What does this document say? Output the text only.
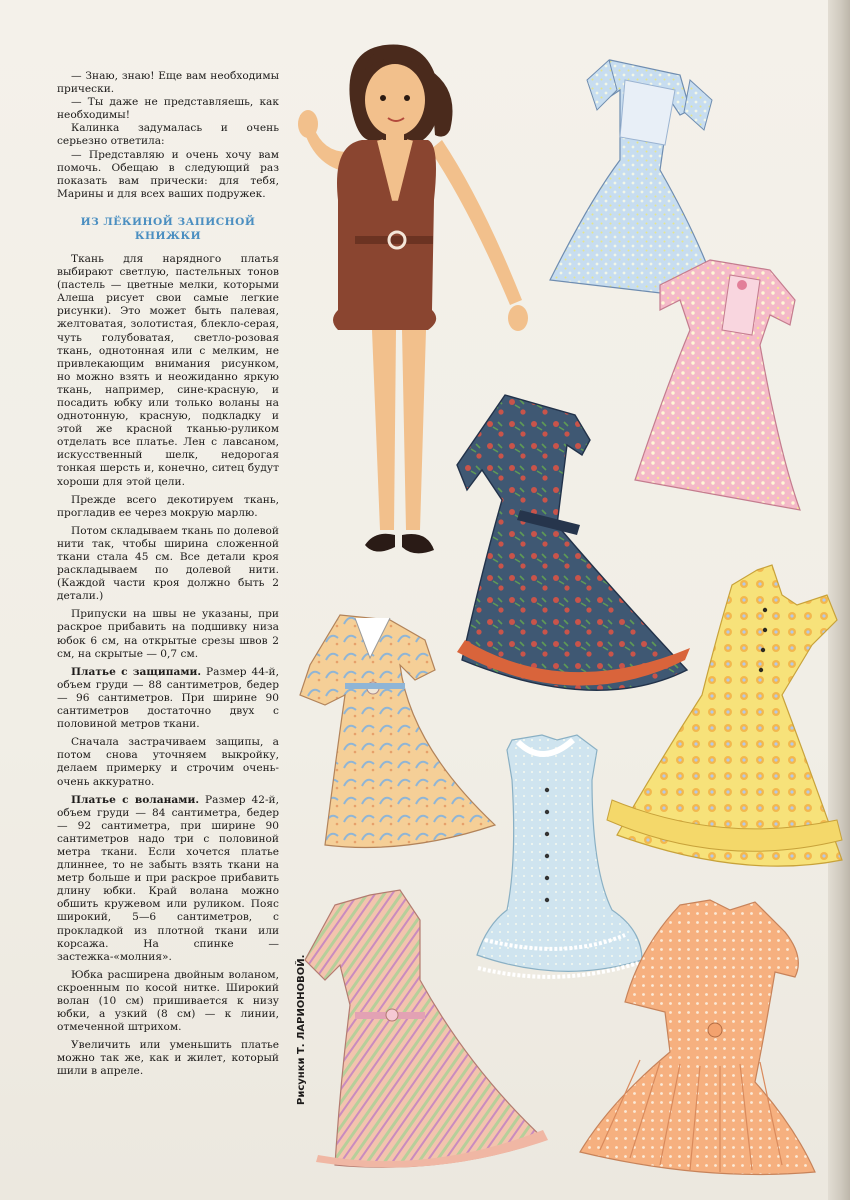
— Знаю, знаю! Еще вам необходимы прически.

— Ты даже не представляешь, как необходимы!

Калинка задумалась и очень серьезно ответила:

— Представляю и очень хочу вам помочь. Обещаю в следующий раз показать вам прически: для тебя, Марины и для всех ваших подружек.

ИЗ ЛЁКИНОЙ ЗАПИСНОЙ КНИЖКИ

Ткань для нарядного платья выбирают светлую, пастельных тонов (пастель — цветные мелки, которыми Алеша рисует свои самые легкие рисунки). Это может быть палевая, желтоватая, золотистая, блекло-серая, чуть голубоватая, светло-розовая ткань, однотонная или с мелким, не привлекающим внимания рисунком, но можно взять и неожиданно яркую ткань, например, сине-красную, и посадить юбку или только воланы на однотонную, красную, подкладку и этой же красной тканью-руликом отделать все платье. Лен с лавсаном, искусственный шелк, недорогая тонкая шерсть и, конечно, ситец будут хороши для этой цели.

Прежде всего декотируем ткань, прогладив ее через мокрую марлю.

Потом складываем ткань по долевой нити так, чтобы ширина сложенной ткани стала 45 см. Все детали кроя раскладываем по долевой нити. (Каждой части кроя должно быть 2 детали.)

Припуски на швы не указаны, при раскрое прибавить на подшивку низа юбок 6 см, на открытые срезы швов 2 см, на скрытые — 0,7 см.

Платье с защипами. Размер 44-й, объем груди — 88 сантиметров, бедер — 96 сантиметров. При ширине 90 сантиметров достаточно двух с половиной метров ткани.

Сначала застрачиваем защипы, а потом снова уточняем выкройку, делаем примерку и строчим очень-очень аккуратно.

Платье с воланами. Размер 42-й, объем груди — 84 сантиметра, бедер — 92 сантиметра, при ширине 90 сантиметров надо три с половиной метра ткани. Если хочется платье длиннее, то не забыть взять ткани на метр больше и при раскрое прибавить длину юбки. Край волана можно обшить кружевом или руликом. Пояс широкий, 5—6 сантиметров, с прокладкой из плотной ткани или корсажа. На спинке — застежка-«молния».

Юбка расширена двойным воланом, скроенным по косой нитке. Широкий волан (10 см) пришивается к низу юбки, а узкий (8 см) — к линии, отмеченной штрихом.

Увеличить или уменьшить платье можно так же, как и жилет, который шили в апреле.	Рисунки Т. ЛАРИОНОВОЙ.
